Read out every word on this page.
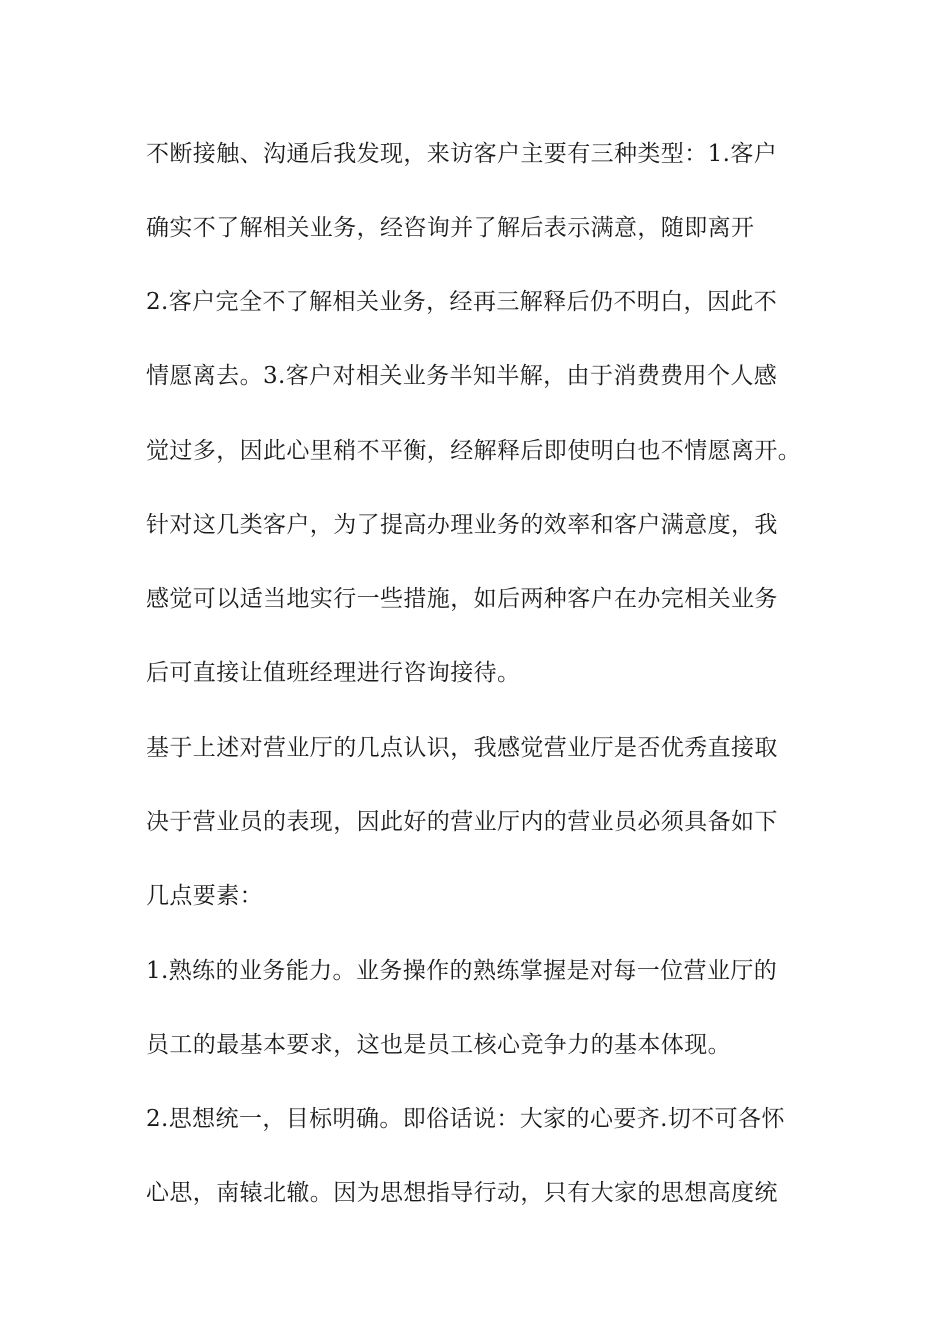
不断接触、沟通后我发现，来访客户主要有三种类型：1.客户
确实不了解相关业务，经咨询并了解后表示满意，随即离开
2.客户完全不了解相关业务，经再三解释后仍不明白，因此不
情愿离去。3.客户对相关业务半知半解，由于消费费用个人感
觉过多，因此心里稍不平衡，经解释后即使明白也不情愿离开。
针对这几类客户，为了提高办理业务的效率和客户满意度，我
感觉可以适当地实行一些措施，如后两种客户在办完相关业务
后可直接让值班经理进行咨询接待。
基于上述对营业厅的几点认识，我感觉营业厅是否优秀直接取
决于营业员的表现，因此好的营业厅内的营业员必须具备如下
几点要素：
1.熟练的业务能力。业务操作的熟练掌握是对每一位营业厅的
员工的最基本要求，这也是员工核心竞争力的基本体现。
2.思想统一，目标明确。即俗话说：大家的心要齐.切不可各怀
心思，南辕北辙。因为思想指导行动，只有大家的思想高度统
